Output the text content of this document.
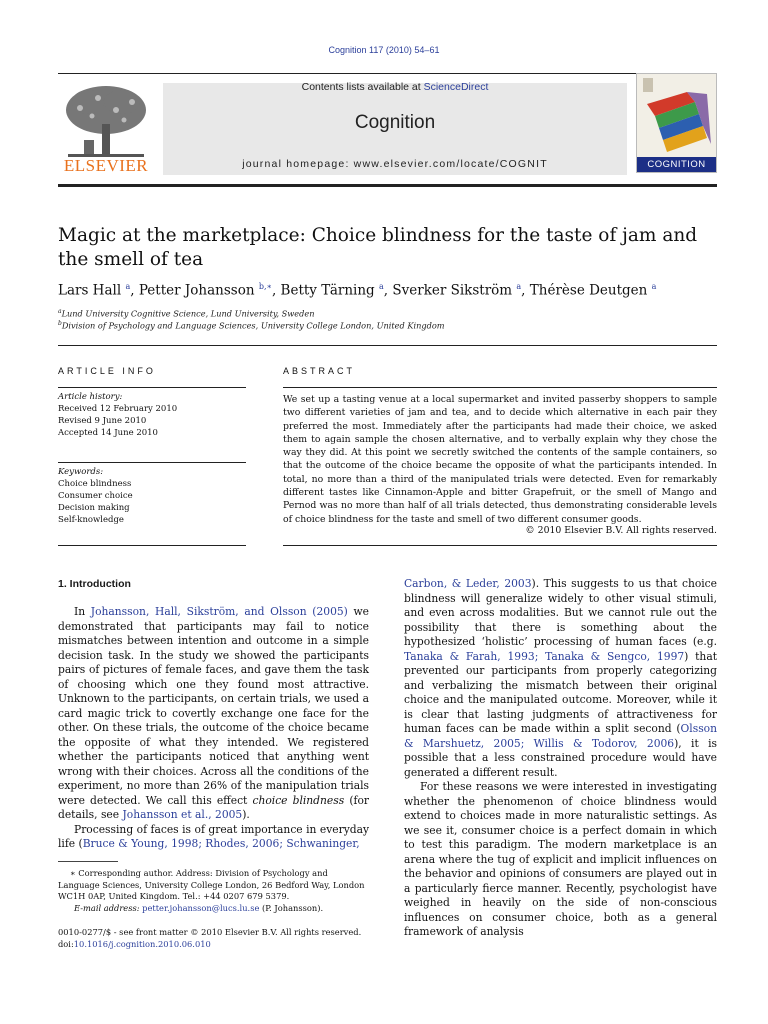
Cognition 117 (2010) 54–61
ELSEVIER
Contents lists available at ScienceDirect
Cognition
journal homepage: www.elsevier.com/locate/COGNIT	COGNITION
Magic at the marketplace: Choice blindness for the taste of jam and the smell of tea
Lars Hall $^a$, Petter Johansson $^{b,∗}$, Betty Tärning $^a$, Sverker Sikström $^a$, Thérèse Deutgen $^a$
$^a$Lund University Cognitive Science, Lund University, Sweden
$^b$Division of Psychology and Language Sciences, University College London, United Kingdom
ARTICLE INFO
Article history:
Received 12 February 2010
Revised 9 June 2010
Accepted 14 June 2010
Keywords:
Choice blindness
Consumer choice
Decision making
Self-knowledge
ABSTRACT
We set up a tasting venue at a local supermarket and invited passerby shoppers to sample two different varieties of jam and tea, and to decide which alternative in each pair they preferred the most. Immediately after the participants had made their choice, we asked them to again sample the chosen alternative, and to verbally explain why they chose the way they did. At this point we secretly switched the contents of the sample containers, so that the outcome of the choice became the opposite of what the participants intended. In total, no more than a third of the manipulated trials were detected. Even for remarkably different tastes like Cinnamon-Apple and bitter Grapefruit, or the smell of Mango and Pernod was no more than half of all trials detected, thus demonstrating considerable levels of choice blindness for the taste and smell of two different consumer goods.
© 2010 Elsevier B.V. All rights reserved.
1. Introduction

In Johansson, Hall, Sikström, and Olsson (2005) we demonstrated that participants may fail to notice mismatches between intention and outcome in a simple decision task. In the study we showed the participants pairs of pictures of female faces, and gave them the task of choosing which one they found most attractive. Unknown to the participants, on certain trials, we used a card magic trick to covertly exchange one face for the other. On these trials, the outcome of the choice became the opposite of what they intended. We registered whether the participants noticed that anything went wrong with their choices. Across all the conditions of the experiment, no more than 26% of the manipulation trials were detected. We call this effect choice blindness (for details, see Johansson et al., 2005).

Processing of faces is of great importance in everyday life (Bruce & Young, 1998; Rhodes, 2006; Schwaninger,

Carbon, & Leder, 2003). This suggests to us that choice blindness will generalize widely to other visual stimuli, and even across modalities. But we cannot rule out the possibility that there is something about the hypothesized ‘holistic’ processing of human faces (e.g. Tanaka & Farah, 1993; Tanaka & Sengco, 1997) that prevented our participants from properly categorizing and verbalizing the mismatch between their original choice and the manipulated outcome. Moreover, while it is clear that lasting judgments of attractiveness for human faces can be made within a split second (Olsson & Marshuetz, 2005; Willis & Todorov, 2006), it is possible that a less constrained procedure would have generated a different result.

For these reasons we were interested in investigating whether the phenomenon of choice blindness would extend to choices made in more naturalistic settings. As we see it, consumer choice is a perfect domain in which to test this paradigm. The modern marketplace is an arena where the tug of explicit and implicit influences on the behavior and opinions of consumers are played out in a particularly fierce manner. Recently, psychologist have weighed in heavily on the side of non-conscious influences on consumer choice, both as a general framework of analysis

∗ Corresponding author. Address: Division of Psychology and Language Sciences, University College London, 26 Bedford Way, London WC1H 0AP, United Kingdom. Tel.: +44 0207 679 5379.
E-mail address: petter.johansson@lucs.lu.se (P. Johansson).
0010-0277/$ - see front matter © 2010 Elsevier B.V. All rights reserved.
doi:10.1016/j.cognition.2010.06.010
